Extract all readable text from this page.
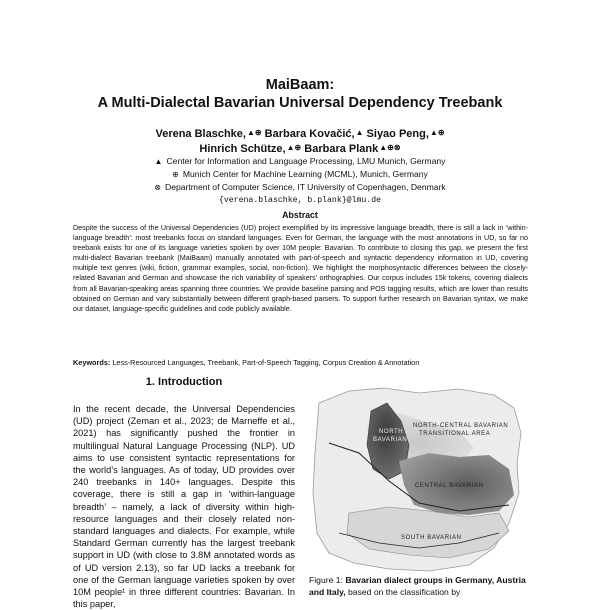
MaiBaam:
A Multi-Dialectal Bavarian Universal Dependency Treebank
Verena Blaschke,▲⊕ Barbara Kovačić,▲ Siyao Peng,▲⊕
Hinrich Schütze,▲⊕ Barbara Plank▲⊕⊗
▲ Center for Information and Language Processing, LMU Munich, Germany
⊕ Munich Center for Machine Learning (MCML), Munich, Germany
⊗ Department of Computer Science, IT University of Copenhagen, Denmark
{verena.blaschke, b.plank}@lmu.de
Abstract
Despite the success of the Universal Dependencies (UD) project exemplified by its impressive language breadth, there is still a lack in ‘within-language breadth’: most treebanks focus on standard languages. Even for German, the language with the most annotations in UD, so far no treebank exists for one of its language varieties spoken by over 10M people: Bavarian. To contribute to closing this gap, we present the first multi-dialect Bavarian treebank (MaiBaam) manually annotated with part-of-speech and syntactic dependency information in UD, covering multiple text genres (wiki, fiction, grammar examples, social, non-fiction). We highlight the morphosyntactic differences between the closely-related Bavarian and German and showcase the rich variability of speakers’ orthographies. Our corpus includes 15k tokens, covering dialects from all Bavarian-speaking areas spanning three countries. We provide baseline parsing and POS tagging results, which are lower than results obtained on German and vary substantially between different graph-based parsers. To support further research on Bavarian syntax, we make our dataset, language-specific guidelines and code publicly available.
Keywords: Less-Resourced Languages, Treebank, Part-of-Speech Tagging, Corpus Creation & Annotation
1. Introduction
In the recent decade, the Universal Dependencies (UD) project (Zeman et al., 2023; de Marneffe et al., 2021) has significantly pushed the frontier in multilingual Natural Language Processing (NLP). UD aims to use consistent syntactic representations for the world’s languages. As of today, UD provides over 240 treebanks in 140+ languages. Despite this coverage, there is still a gap in ‘within-language breadth’ – namely, a lack of diversity within high-resource languages and their closely related non-standard languages and dialects. For example, while Standard German currently has the largest treebank support in UD (with close to 3.8M annotated words as of UD version 2.13), so far UD lacks a treebank for one of the German language varieties spoken by over 10M people¹ in three different countries: Bavarian. In this paper,
NORTH
BAVARIAN
NORTH-CENTRAL BAVARIAN
TRANSITIONAL AREA
CENTRAL BAVARIAN
SOUTH BAVARIAN
Figure 1: Bavarian dialect groups in Germany, Austria and Italy, based on the classification by
